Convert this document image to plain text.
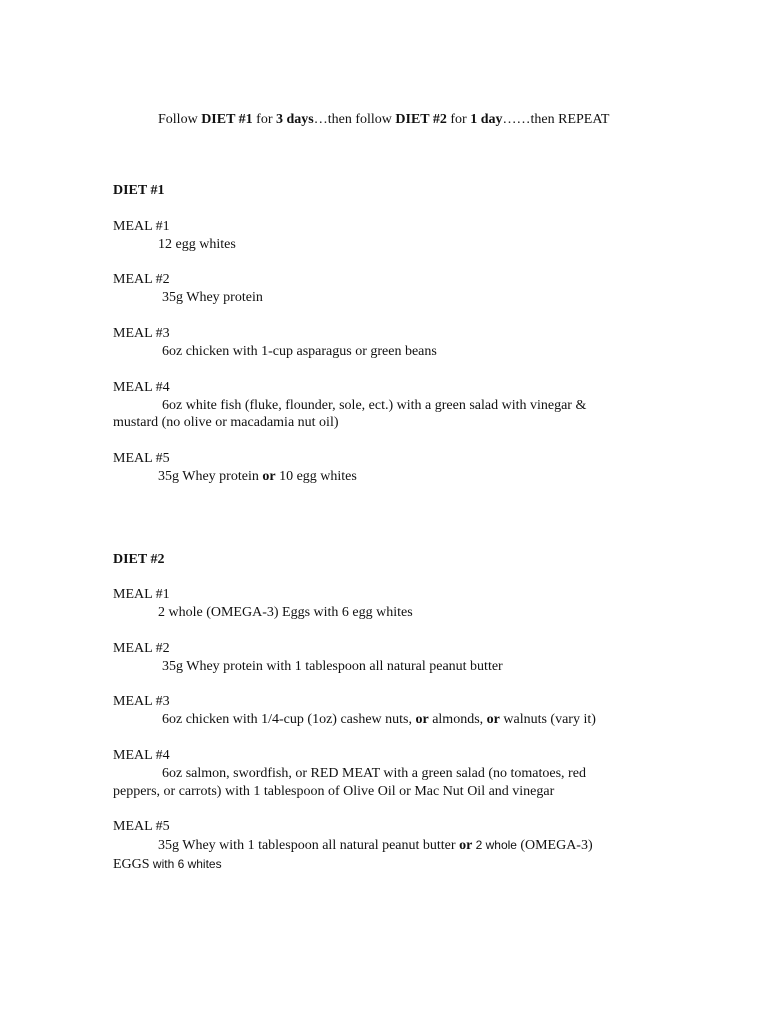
Follow DIET #1 for 3 days…then follow DIET #2 for 1 day……then REPEAT
DIET #1
MEAL #1
12 egg whites
MEAL #2
35g Whey protein
MEAL #3
6oz chicken with 1-cup asparagus or green beans
MEAL #4
6oz white fish (fluke, flounder, sole, ect.) with a green salad with vinegar &
mustard (no olive or macadamia nut oil)
MEAL #5
35g Whey protein or 10 egg whites
DIET #2
MEAL #1
2 whole (OMEGA-3) Eggs with 6 egg whites
MEAL #2
35g Whey protein with 1 tablespoon all natural peanut butter
MEAL #3
6oz chicken with 1/4-cup (1oz) cashew nuts, or almonds, or walnuts (vary it)
MEAL #4
6oz salmon, swordfish, or RED MEAT with a green salad (no tomatoes, red
peppers, or carrots) with 1 tablespoon of Olive Oil or Mac Nut Oil and vinegar
MEAL #5
35g Whey with 1 tablespoon all natural peanut butter or 2 whole (OMEGA-3)
EGGS with 6 whites
